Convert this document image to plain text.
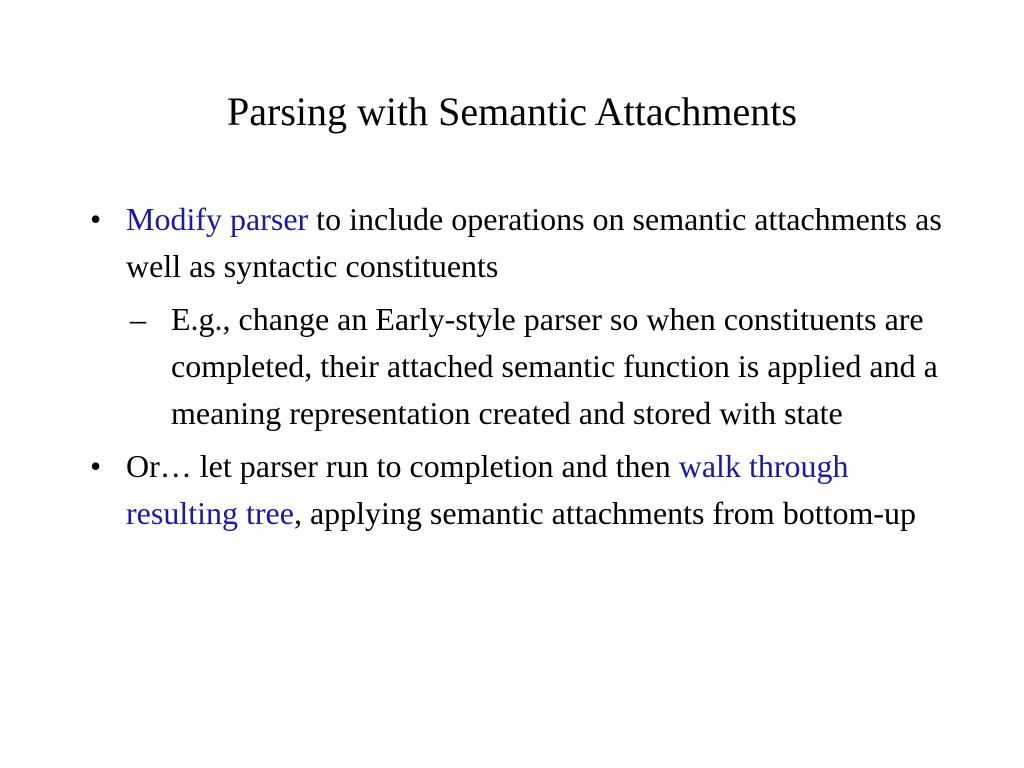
Parsing with Semantic Attachments
• Modify parser to include operations on semantic attachments as well as syntactic constituents
– E.g., change an Early-style parser so when constituents are completed, their attached semantic function is applied and a meaning representation created and stored with state
• Or… let parser run to completion and then walk through resulting tree, applying semantic attachments from bottom-up
